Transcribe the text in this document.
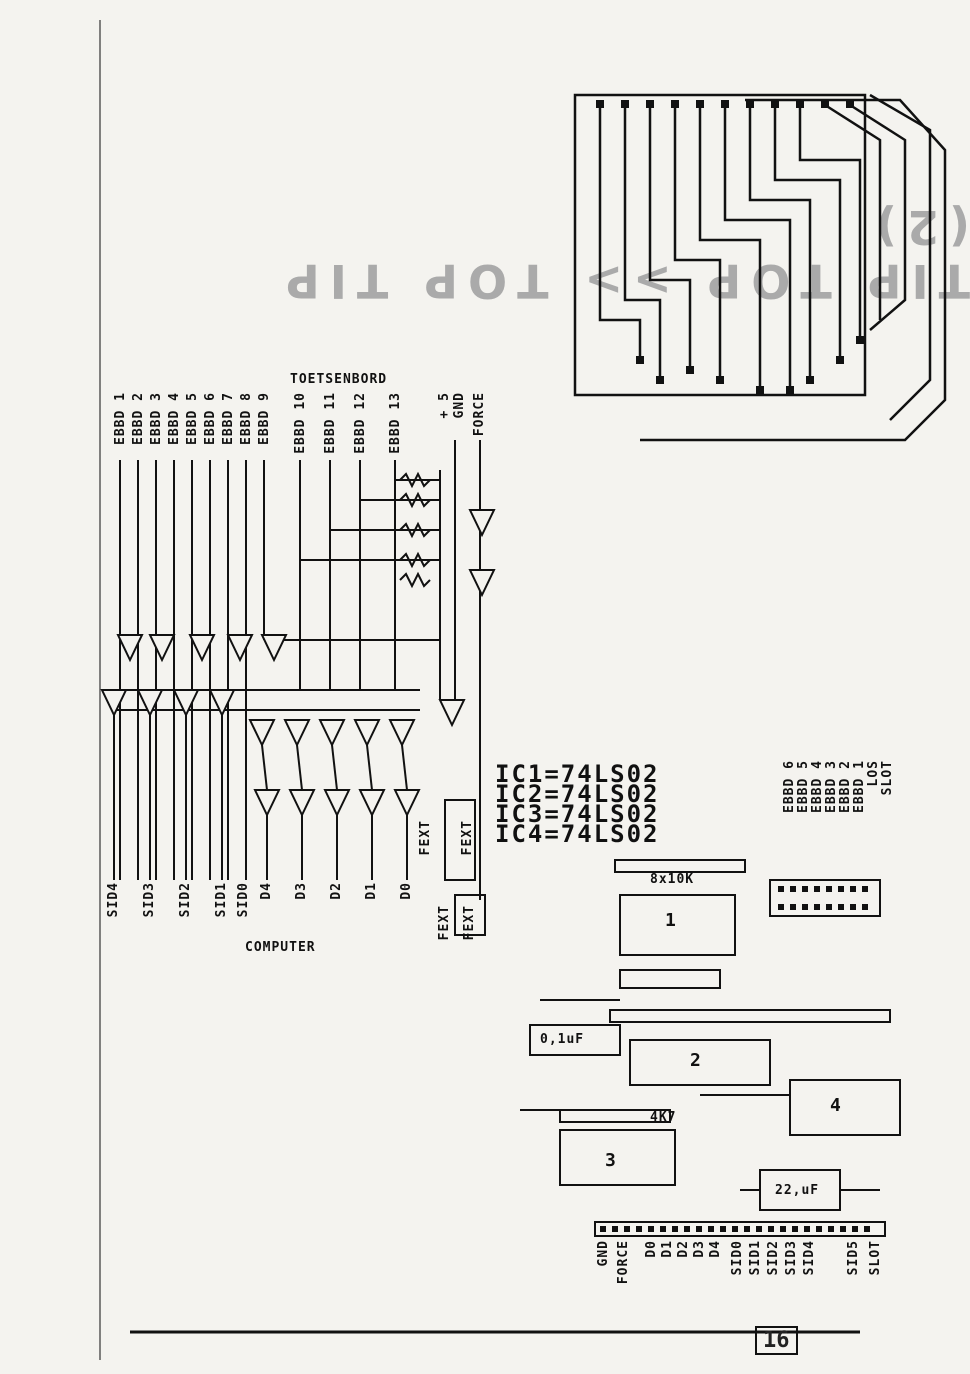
TIP TOP >> TOP TIP (2)

TOETSENBORD
EBBD 1 EBBD 2 EBBD 3 EBBD 4 EBBD 5 EBBD 6 EBBD 7 EBBD 8 EBBD 9 EBBD 10 EBBD 11 EBBD 12 EBBD 13	+ 5 GND FORCE
SID4 SID3 SID2 SID1 SID0 D4 D3 D2 D1 D0
COMPUTER
FEXT FEXT
FEXT FEXT
IC1=74LS02
IC2=74LS02
IC3=74LS02
IC4=74LS02
SLOT
LOS
EBBD 1
EBBD 2
EBBD 3
EBBD 4
EBBD 5
EBBD 6
8x10K
1
0,1uF
2
4
4K7
3
22,uF
GND FORCE D0 D1 D2 D3 D4 SID0 SID1 SID2 SID3 SID4 SID5 SLOT
16
